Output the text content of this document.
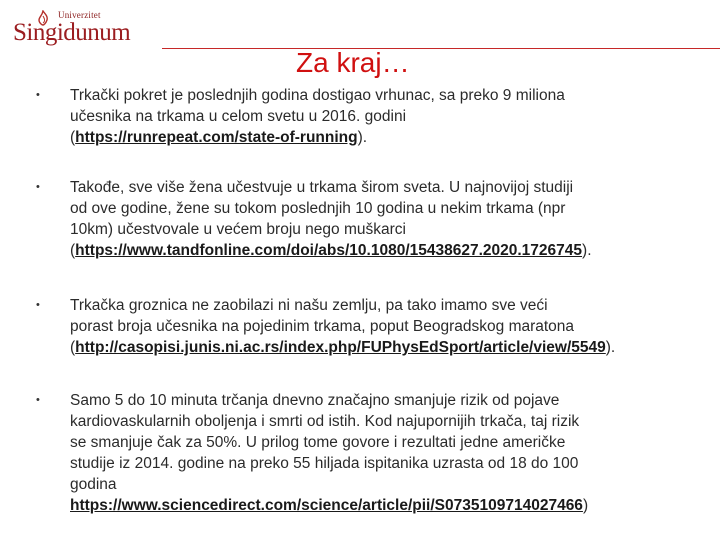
Univerzitet
Singidunum
Za kraj…
• Trkački pokret je poslednjih godina dostigao vrhunac, sa preko 9 miliona
učesnika na trkama u celom svetu u 2016. godini
(https://runrepeat.com/state-of-running).
• Takođe, sve više žena učestvuje u trkama širom sveta. U najnovijoj studiji
od ove godine, žene su tokom poslednjih 10 godina u nekim trkama (npr
10km) učestvovale u većem broju nego muškarci
(https://www.tandfonline.com/doi/abs/10.1080/15438627.2020.1726745).
• Trkačka groznica ne zaobilazi ni našu zemlju, pa tako imamo sve veći
porast broja učesnika na pojedinim trkama, poput Beogradskog maratona
(http://casopisi.junis.ni.ac.rs/index.php/FUPhysEdSport/article/view/5549).
• Samo 5 do 10 minuta trčanja dnevno značajno smanjuje rizik od pojave
kardiovaskularnih oboljenja i smrti od istih. Kod najupornijih trkača, taj rizik
se smanjuje čak za 50%. U prilog tome govore i rezultati jedne američke
studije iz 2014. godine na preko 55 hiljada ispitanika uzrasta od 18 do 100
godina
https://www.sciencedirect.com/science/article/pii/S0735109714027466)
